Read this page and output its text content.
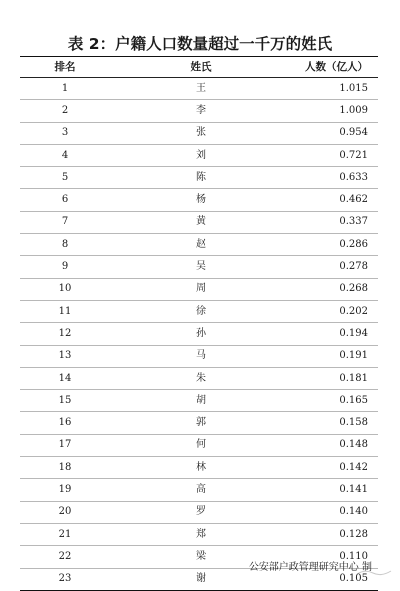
表 2：户籍人口数量超过一千万的姓氏
排名	姓氏	人数（亿人）
1	王	1.015
2	李	1.009
3	张	0.954
4	刘	0.721
5	陈	0.633
6	杨	0.462
7	黄	0.337
8	赵	0.286
9	吴	0.278
10	周	0.268
11	徐	0.202
12	孙	0.194
13	马	0.191
14	朱	0.181
15	胡	0.165
16	郭	0.158
17	何	0.148
18	林	0.142
19	高	0.141
20	罗	0.140
21	郑	0.128
22	梁	0.110
23	谢	0.105
公安部户政管理研究中心 制
